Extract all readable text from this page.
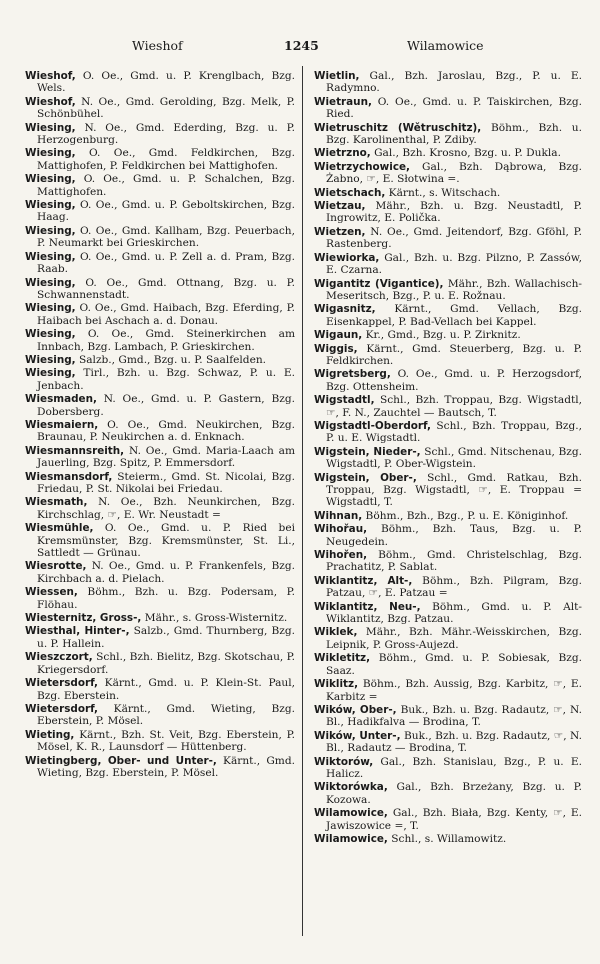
Wieshof	1245	Wilamowice
Wieshof, O. Oe., Gmd. u. P. Krenglbach, Bzg. Wels.
Wieshof, N. Oe., Gmd. Gerolding, Bzg. Melk, P. Schönbühel.
Wiesing, N. Oe., Gmd. Ederding, Bzg. u. P. Herzogenburg.
Wiesing, O. Oe., Gmd. Feldkirchen, Bzg. Mattighofen, P. Feldkirchen bei Mattighofen.
Wiesing, O. Oe., Gmd. u. P. Schalchen, Bzg. Mattighofen.
Wiesing, O. Oe., Gmd. u. P. Geboltskirchen, Bzg. Haag.
Wiesing, O. Oe., Gmd. Kallham, Bzg. Peuerbach, P. Neumarkt bei Grieskirchen.
Wiesing, O. Oe., Gmd. u. P. Zell a. d. Pram, Bzg. Raab.
Wiesing, O. Oe., Gmd. Ottnang, Bzg. u. P. Schwannenstadt.
Wiesing, O. Oe., Gmd. Haibach, Bzg. Eferding, P. Haibach bei Aschach a. d. Donau.
Wiesing, O. Oe., Gmd. Steinerkirchen am Innbach, Bzg. Lambach, P. Grieskirchen.
Wiesing, Salzb., Gmd., Bzg. u. P. Saalfelden.
Wiesing, Tirl., Bzh. u. Bzg. Schwaz, P. u. E. Jenbach.
Wiesmaden, N. Oe., Gmd. u. P. Gastern, Bzg. Dobersberg.
Wiesmaiern, O. Oe., Gmd. Neukirchen, Bzg. Braunau, P. Neukirchen a. d. Enknach.
Wiesmannsreith, N. Oe., Gmd. Maria-Laach am Jauerling, Bzg. Spitz, P. Emmersdorf.
Wiesmansdorf, Steierm., Gmd. St. Nicolai, Bzg. Friedau, P. St. Nikolai bei Friedau.
Wiesmath, N. Oe., Bzh. Neunkirchen, Bzg. Kirchschlag, ☞, E. Wr. Neustadt =
Wiesmühle, O. Oe., Gmd. u. P. Ried bei Kremsmünster, Bzg. Kremsmünster, St. Li., Sattledt — Grünau.
Wiesrotte, N. Oe., Gmd. u. P. Frankenfels, Bzg. Kirchbach a. d. Pielach.
Wiessen, Böhm., Bzh. u. Bzg. Podersam, P. Flöhau.
Wiesternitz, Gross-, Mähr., s. Gross-Wisternitz.
Wiesthal, Hinter-, Salzb., Gmd. Thurnberg, Bzg. u. P. Hallein.
Wieszczort, Schl., Bzh. Bielitz, Bzg. Skotschau, P. Kriegersdorf.
Wietersdorf, Kärnt., Gmd. u. P. Klein-St. Paul, Bzg. Eberstein.
Wietersdorf, Kärnt., Gmd. Wieting, Bzg. Eberstein, P. Mösel.
Wieting, Kärnt., Bzh. St. Veit, Bzg. Eberstein, P. Mösel, K. R., Launsdorf — Hüttenberg.
Wietingberg, Ober- und Unter-, Kärnt., Gmd. Wieting, Bzg. Eberstein, P. Mösel.
Wietlin, Gal., Bzh. Jaroslau, Bzg., P. u. E. Radymno.
Wietraun, O. Oe., Gmd. u. P. Taiskirchen, Bzg. Ried.
Wietruschitz (Wětruschitz), Böhm., Bzh. u. Bzg. Karolinenthal, P. Zdiby.
Wietrzno, Gal., Bzh. Krosno, Bzg. u. P. Dukla.
Wietrzychowice, Gal., Bzh. Dąbrowa, Bzg. Żabno, ☞, E. Słotwina =.
Wietschach, Kärnt., s. Witschach.
Wietzau, Mähr., Bzh. u. Bzg. Neustadtl, P. Ingrowitz, E. Polička.
Wietzen, N. Oe., Gmd. Jeitendorf, Bzg. Gföhl, P. Rastenberg.
Wiewiorka, Gal., Bzh. u. Bzg. Pilzno, P. Zassów, E. Czarna.
Wigantitz (Vigantice), Mähr., Bzh. Wallachisch-Meseritsch, Bzg., P. u. E. Rožnau.
Wigasnitz, Kärnt., Gmd. Vellach, Bzg. Eisenkappel, P. Bad-Vellach bei Kappel.
Wigaun, Kr., Gmd., Bzg. u. P. Zirknitz.
Wiggis, Kärnt., Gmd. Steuerberg, Bzg. u. P. Feldkirchen.
Wigretsberg, O. Oe., Gmd. u. P. Herzogsdorf, Bzg. Ottensheim.
Wigstadtl, Schl., Bzh. Troppau, Bzg. Wigstadtl, ☞, F. N., Zauchtel — Bautsch, T.
Wigstadtl-Oberdorf, Schl., Bzh. Troppau, Bzg., P. u. E. Wigstadtl.
Wigstein, Nieder-, Schl., Gmd. Nitschenau, Bzg. Wigstadtl, P. Ober-Wigstein.
Wigstein, Ober-, Schl., Gmd. Ratkau, Bzh. Troppau, Bzg. Wigstadtl, ☞, E. Troppau = Wigstadtl, T.
Wihnan, Böhm., Bzh., Bzg., P. u. E. Königinhof.
Wihořau, Böhm., Bzh. Taus, Bzg. u. P. Neugedein.
Wihořen, Böhm., Gmd. Christelschlag, Bzg. Prachatitz, P. Sablat.
Wiklantitz, Alt-, Böhm., Bzh. Pilgram, Bzg. Patzau, ☞, E. Patzau =
Wiklantitz, Neu-, Böhm., Gmd. u. P. Alt-Wiklantitz, Bzg. Patzau.
Wiklek, Mähr., Bzh. Mähr.-Weisskirchen, Bzg. Leipnik, P. Gross-Aujezd.
Wikletitz, Böhm., Gmd. u. P. Sobiesak, Bzg. Saaz.
Wiklitz, Böhm., Bzh. Aussig, Bzg. Karbitz, ☞, E. Karbitz =
Wików, Ober-, Buk., Bzh. u. Bzg. Radautz, ☞, N. Bl., Hadikfalva — Brodina, T.
Wików, Unter-, Buk., Bzh. u. Bzg. Radautz, ☞, N. Bl., Radautz — Brodina, T.
Wiktorów, Gal., Bzh. Stanislau, Bzg., P. u. E. Halicz.
Wiktorówka, Gal., Bzh. Brzeżany, Bzg. u. P. Kozowa.
Wilamowice, Gal., Bzh. Biała, Bzg. Kenty, ☞, E. Jawiszowice =, T.
Wilamowice, Schl., s. Willamowitz.
